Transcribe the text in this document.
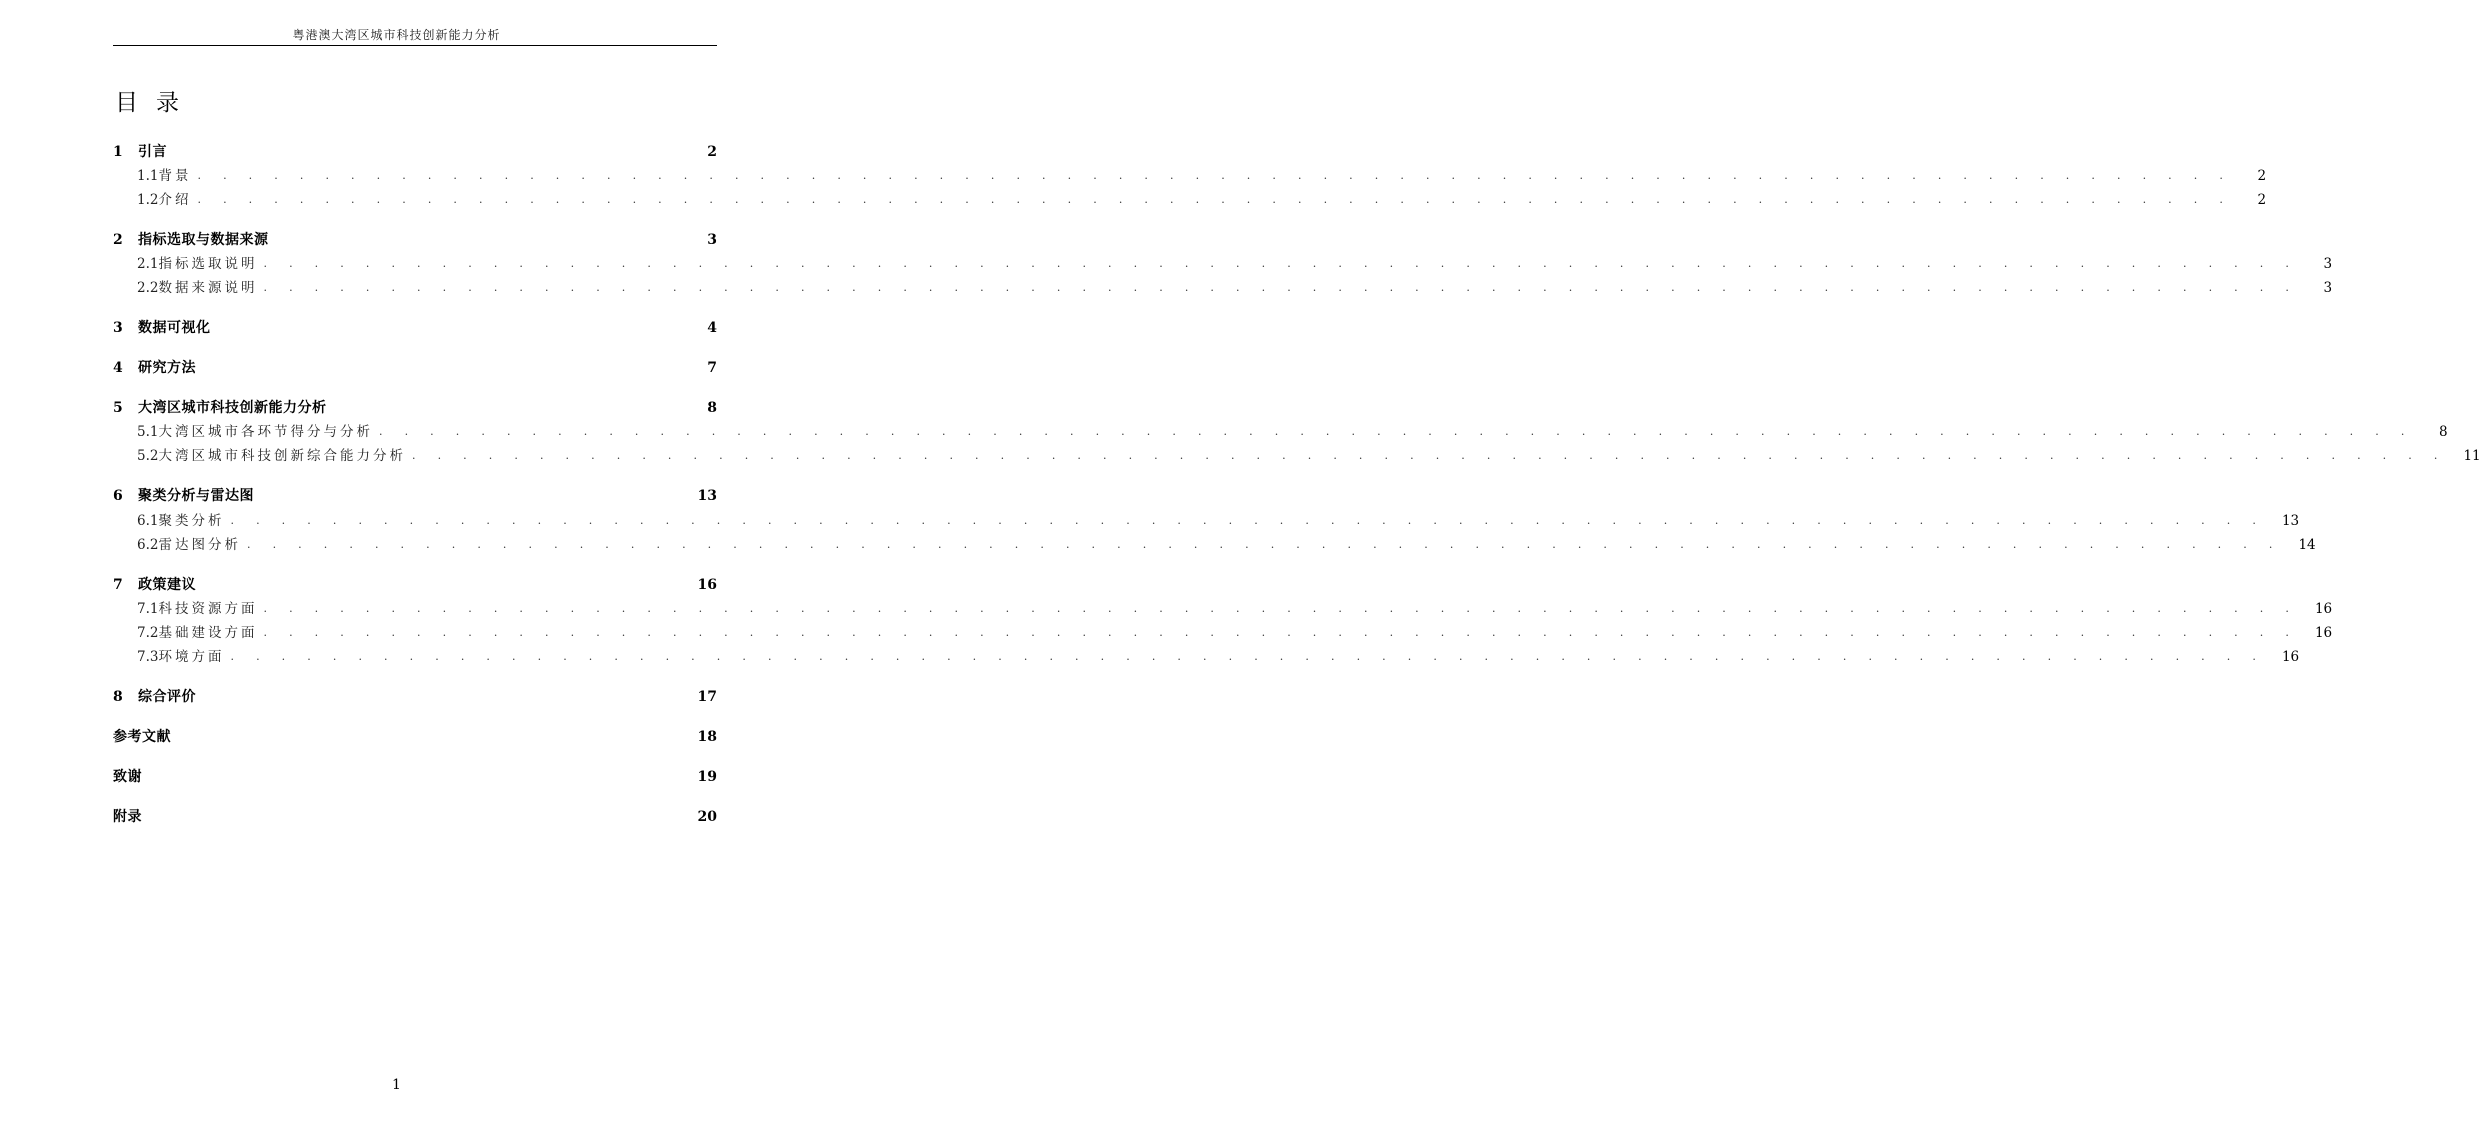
粤港澳大湾区城市科技创新能力分析
目录
1	引言	2
1.1 背景 . . . . . . . . . . . . . . . . . . . . . . . . . . . . . . . . . . . . . . . . . . . . . . . . . . . . . . . . . . . . . . . . . . . . . . . . . . . . . . . .	2
1.2 介绍 . . . . . . . . . . . . . . . . . . . . . . . . . . . . . . . . . . . . . . . . . . . . . . . . . . . . . . . . . . . . . . . . . . . . . . . . . . . . . . . .	2
2	指标选取与数据来源	3
2.1 指标选取说明 . . . . . . . . . . . . . . . . . . . . . . . . . . . . . . . . . . . . . . . . . . . . . . . . . . . . . . . . . . . . . . . . . . . . . . . . . . . . . . . .	3
2.2 数据来源说明 . . . . . . . . . . . . . . . . . . . . . . . . . . . . . . . . . . . . . . . . . . . . . . . . . . . . . . . . . . . . . . . . . . . . . . . . . . . . . . . .	3
3	数据可视化	4
4	研究方法	7
5	大湾区城市科技创新能力分析	8
5.1 大湾区城市各环节得分与分析 . . . . . . . . . . . . . . . . . . . . . . . . . . . . . . . . . . . . . . . . . . . . . . . . . . . . . . . . . . . . . . . . . . . . . . . . . . . . . . . .	8
5.2 大湾区城市科技创新综合能力分析 . . . . . . . . . . . . . . . . . . . . . . . . . . . . . . . . . . . . . . . . . . . . . . . . . . . . . . . . . . . . . . . . . . . . . . . . . . . . . . . . 11
6	聚类分析与雷达图	13
6.1 聚类分析 . . . . . . . . . . . . . . . . . . . . . . . . . . . . . . . . . . . . . . . . . . . . . . . . . . . . . . . . . . . . . . . . . . . . . . . . . . . . . . . . 13
6.2 雷达图分析 . . . . . . . . . . . . . . . . . . . . . . . . . . . . . . . . . . . . . . . . . . . . . . . . . . . . . . . . . . . . . . . . . . . . . . . . . . . . . . . . 14
7	政策建议	16
7.1 科技资源方面 . . . . . . . . . . . . . . . . . . . . . . . . . . . . . . . . . . . . . . . . . . . . . . . . . . . . . . . . . . . . . . . . . . . . . . . . . . . . . . . . 16
7.2 基础建设方面 . . . . . . . . . . . . . . . . . . . . . . . . . . . . . . . . . . . . . . . . . . . . . . . . . . . . . . . . . . . . . . . . . . . . . . . . . . . . . . . . 16
7.3 环境方面 . . . . . . . . . . . . . . . . . . . . . . . . . . . . . . . . . . . . . . . . . . . . . . . . . . . . . . . . . . . . . . . . . . . . . . . . . . . . . . . . 16
8	综合评价	17
参考文献	18
致谢	19
附录	20
1
